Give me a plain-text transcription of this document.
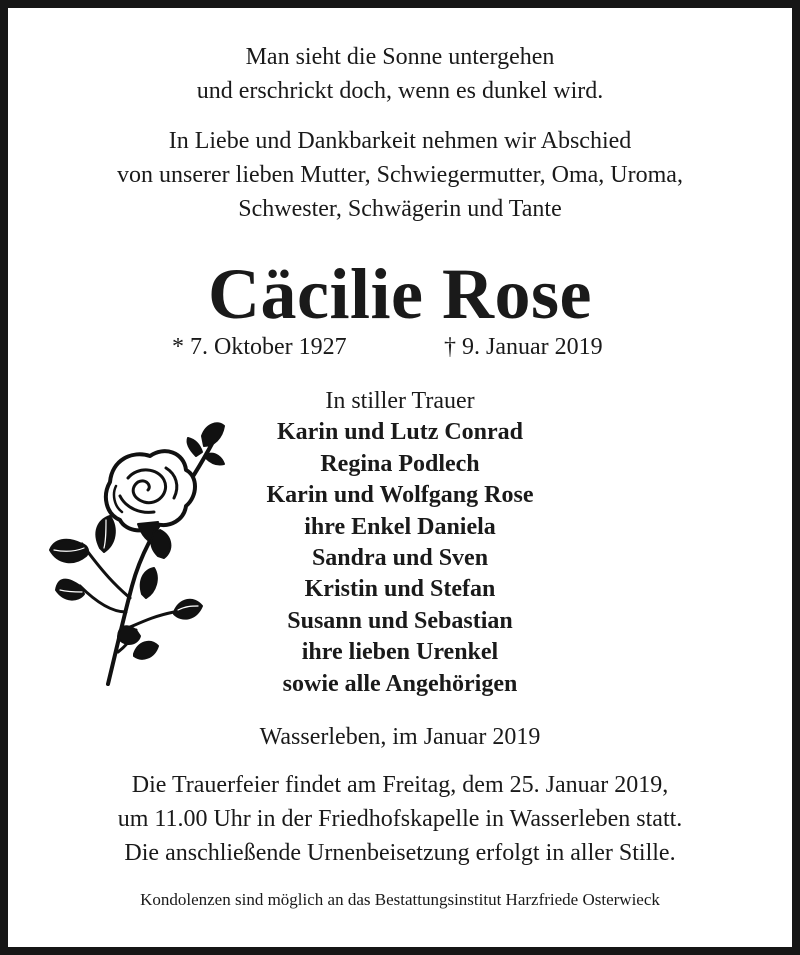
Man sieht die Sonne untergehen
und erschrickt doch, wenn es dunkel wird.
In Liebe und Dankbarkeit nehmen wir Abschied
von unserer lieben Mutter, Schwiegermutter, Oma, Uroma,
Schwester, Schwägerin und Tante
Cäcilie Rose
* 7. Oktober 1927	† 9. Januar 2019
In stiller Trauer
Karin und Lutz Conrad
Regina Podlech
Karin und Wolfgang Rose
ihre Enkel Daniela
Sandra und Sven
Kristin und Stefan
Susann und Sebastian
ihre lieben Urenkel
sowie alle Angehörigen
Wasserleben, im Januar 2019
Die Trauerfeier findet am Freitag, dem 25. Januar 2019,
um 11.00 Uhr in der Friedhofskapelle in Wasserleben statt.
Die anschließende Urnenbeisetzung erfolgt in aller Stille.
Kondolenzen sind möglich an das Bestattungsinstitut Harzfriede Osterwieck
